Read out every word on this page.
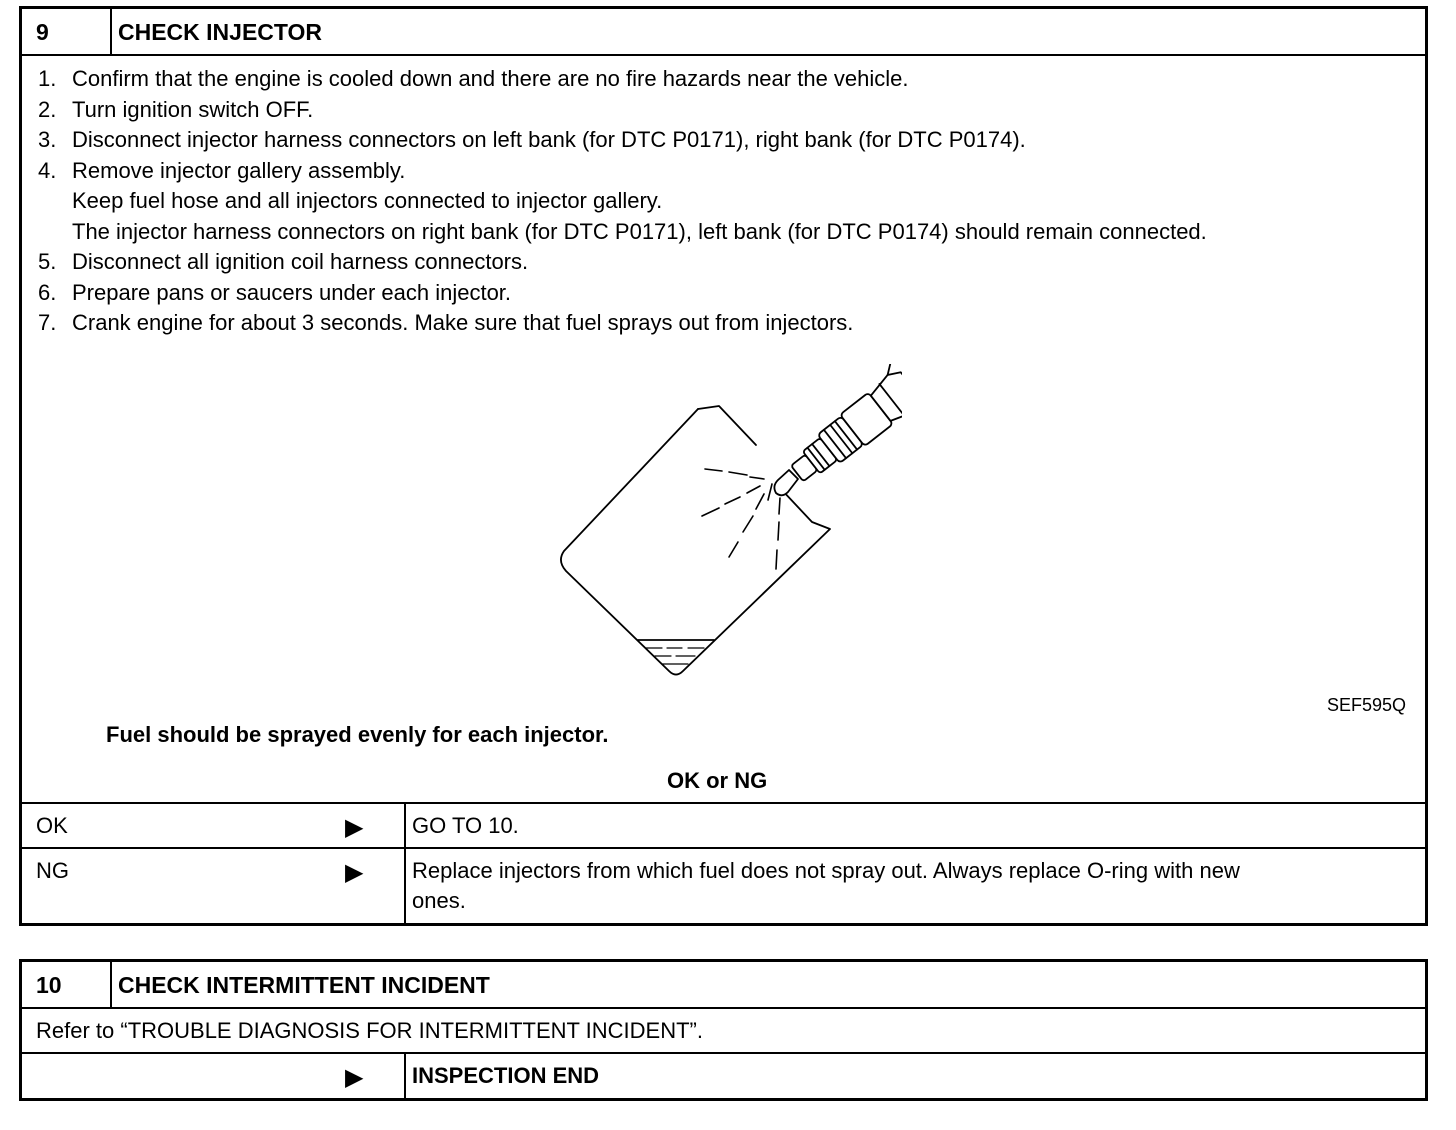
9	CHECK INJECTOR
1. Confirm that the engine is cooled down and there are no fire hazards near the vehicle.
2. Turn ignition switch OFF.
3. Disconnect injector harness connectors on left bank (for DTC P0171), right bank (for DTC P0174).
4. Remove injector gallery assembly.
Keep fuel hose and all injectors connected to injector gallery.
The injector harness connectors on right bank (for DTC P0171), left bank (for DTC P0174) should remain connected.
5. Disconnect all ignition coil harness connectors.
6. Prepare pans or saucers under each injector.
7. Crank engine for about 3 seconds. Make sure that fuel sprays out from injectors.
SEF595Q
Fuel should be sprayed evenly for each injector.
OK or NG
OK	▶ GO TO 10.
NG	▶ Replace injectors from which fuel does not spray out. Always replace O-ring with new
ones.
10 CHECK INTERMITTENT INCIDENT
Refer to “TROUBLE DIAGNOSIS FOR INTERMITTENT INCIDENT”.
▶ INSPECTION END
